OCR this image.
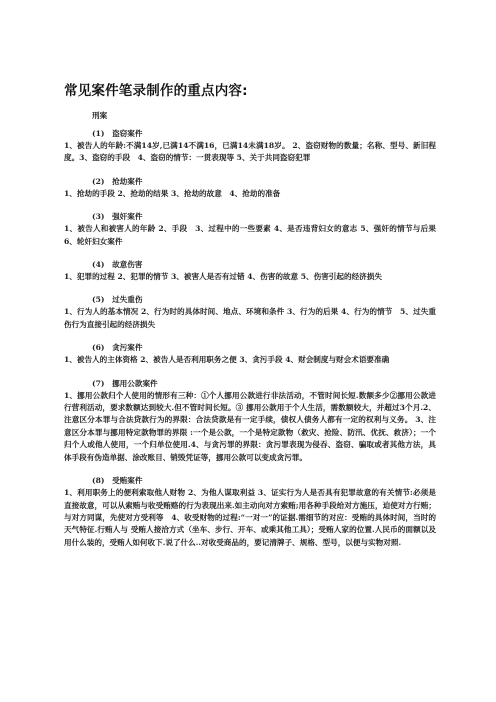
常见案件笔录制作的重点内容:
刑案
(1)　盗窃案件
1、被告人的年龄:不满14岁,已满14不满16，已满14未满18岁。 2、盗窃财物的数量；名称、型号、新旧程度。3、盗窃的手段　4、盗窃的情节：一贯表现等 5、关于共同盗窃犯罪
(2)　抢劫案件
1、抢劫的手段 2、抢劫的结果 3、抢劫的故意　4、抢劫的准备
(3)　强奸案件
1、被告人和被害人的年龄 2、手段　3、过程中的一些要素 4、是否违背妇女的意志 5、强奸的情节与后果 6、轮奸妇女案件
(4)　故意伤害
1、犯罪的过程 2、犯罪的情节 3、被害人是否有过错 4、伤害的故意 5、伤害引起的经济损失
(5)　过失重伤
1、行为人的基本情况 2、行为时的具体时间、地点、环境和条件 3、行为的后果 4、行为的情节　5、过失重伤行为直接引起的经济损失
(6)　贪污案件
1、被告人的主体资格 2、被告人是否利用职务之便 3、贪污手段 4、财会制度与财会术语要准确
(7)　挪用公款案件
1、挪用公款归个人使用的情形有三种：①个人挪用公款进行非法活动，不管时间长短.数额多少②挪用公款进行营利活动，要求数额达到较大.但不管时间长短。③ 挪用公款用于个人生活，需数额较大，并超过3个月.2、注意区分本罪与合法贷款行为的界限：合法贷款是有一定手续，债权人债务人都有一定的权利与义务。 3、注意区分本罪与挪用特定款物罪的界限 :一个是公款，一个是特定款物（救灾、抢险、防汛、优抚、救济）；一个归个人或他人使用，一个归单位使用.4、与贪污罪的界限：贪污罪表现为侵吞、盗窃、骗取或者其他方法，具体手段有伪造单据、涂改账目、销毁凭证等，挪用公款可以变成贪污罪。
(8)　受贿案件
1、利用职务上的便利索取他人财物 2、为他人谋取利益 3、证实行为人是否具有犯罪故意的有关情节:必须是直接故意，可以从索贿与收受贿赂的行为表现出来.如主动向对方索贿;用各种手段给对方施压，迫使对方行贿；与对方同谋，先使对方受利等　4、收受财物的过程:“一对一”的证据.需细节的对应：受贿的具体时间，当时的天气特征.行贿人与 受贿人接洽方式（坐车、步行、开车、或乘其他工具）；受贿人家的位置.人民币的面额以及用什么装的，受贿人如何收下.说了什么..对收受商品的，要记清牌子、规格、型号，以便与实物对照.
